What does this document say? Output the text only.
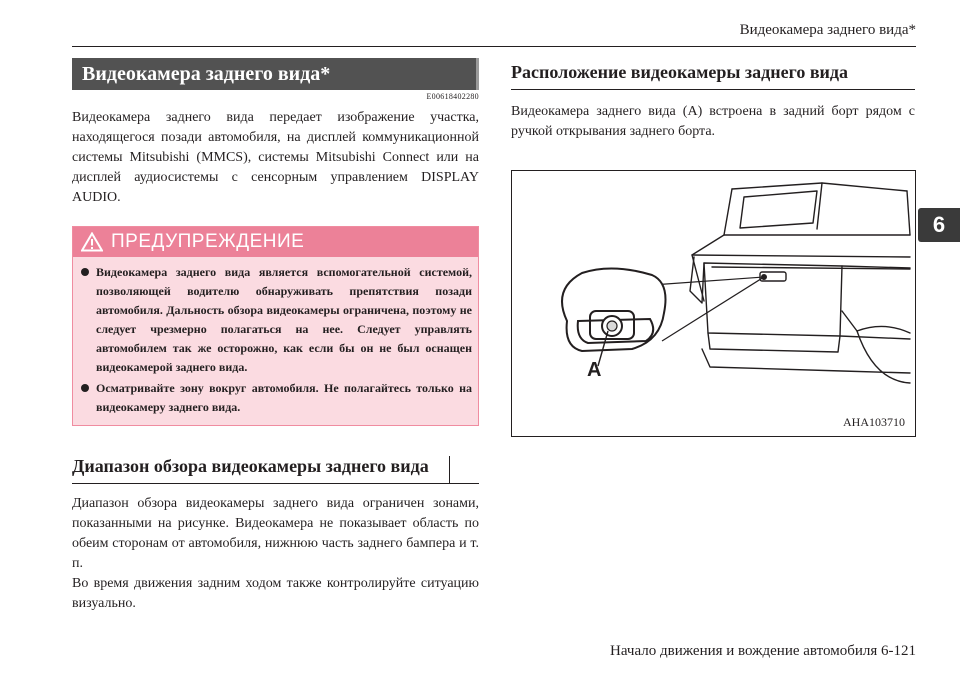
Видеокамера заднего вида*
6
Видеокамера заднего вида*
E00618402280

Видеокамера заднего вида передает изображение участка, находящегося позади автомобиля, на дисплей коммуникационной системы Mitsubishi (MMCS), системы Mitsubishi Connect или на дисплей аудиосистемы с сенсорным управлением DISPLAY AUDIO.

ПРЕДУПРЕЖДЕНИЕ
Видеокамера заднего вида является вспомогательной системой, позволяющей водителю обнаруживать препятствия позади автомобиля. Дальность обзора видеокамеры ограничена, поэтому не следует чрезмерно полагаться на нее. Следует управлять автомобилем так же осторожно, как если бы он не был оснащен видеокамерой заднего вида.
Осматривайте зону вокруг автомобиля. Не полагайтесь только на видеокамеру заднего вида.
Диапазон обзора видеокамеры заднего вида

Диапазон обзора видеокамеры заднего вида ограничен зонами, показанными на рисунке. Видеокамера не показывает область по обеим сторонам от автомобиля, нижнюю часть заднего бампера и т. п.

Во время движения задним ходом также контролируйте ситуацию визуально.

Расположение видеокамеры заднего вида

Видеокамера заднего вида (A) встроена в задний борт рядом с ручкой открывания заднего борта.

A
AHA103710
Начало движения и вождение автомобиля 6-121
